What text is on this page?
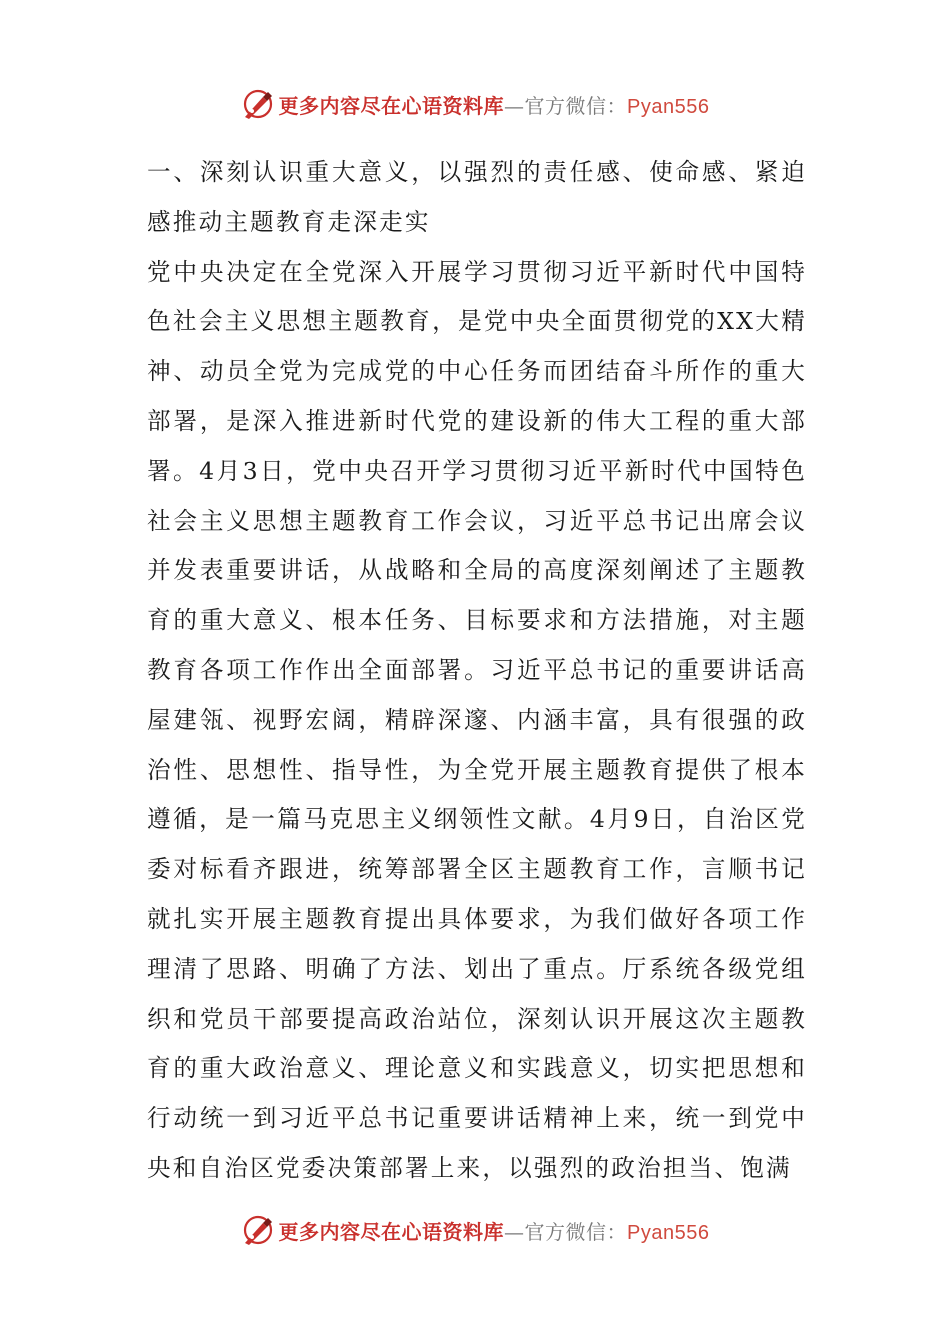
更多内容尽在心语资料库—官方微信：Pyan556

一、深刻认识重大意义，以强烈的责任感、使命感、紧迫感推动主题教育走深走实

党中央决定在全党深入开展学习贯彻习近平新时代中国特色社会主义思想主题教育，是党中央全面贯彻党的XX大精神、动员全党为完成党的中心任务而团结奋斗所作的重大部署，是深入推进新时代党的建设新的伟大工程的重大部署。4月3日，党中央召开学习贯彻习近平新时代中国特色社会主义思想主题教育工作会议，习近平总书记出席会议并发表重要讲话，从战略和全局的高度深刻阐述了主题教育的重大意义、根本任务、目标要求和方法措施，对主题教育各项工作作出全面部署。习近平总书记的重要讲话高屋建瓴、视野宏阔，精辟深邃、内涵丰富，具有很强的政治性、思想性、指导性，为全党开展主题教育提供了根本遵循，是一篇马克思主义纲领性文献。4月9日，自治区党委对标看齐跟进，统筹部署全区主题教育工作，言顺书记就扎实开展主题教育提出具体要求，为我们做好各项工作理清了思路、明确了方法、划出了重点。厅系统各级党组织和党员干部要提高政治站位，深刻认识开展这次主题教育的重大政治意义、理论意义和实践意义，切实把思想和行动统一到习近平总书记重要讲话精神上来，统一到党中央和自治区党委决策部署上来，以强烈的政治担当、饱满

更多内容尽在心语资料库—官方微信：Pyan556
